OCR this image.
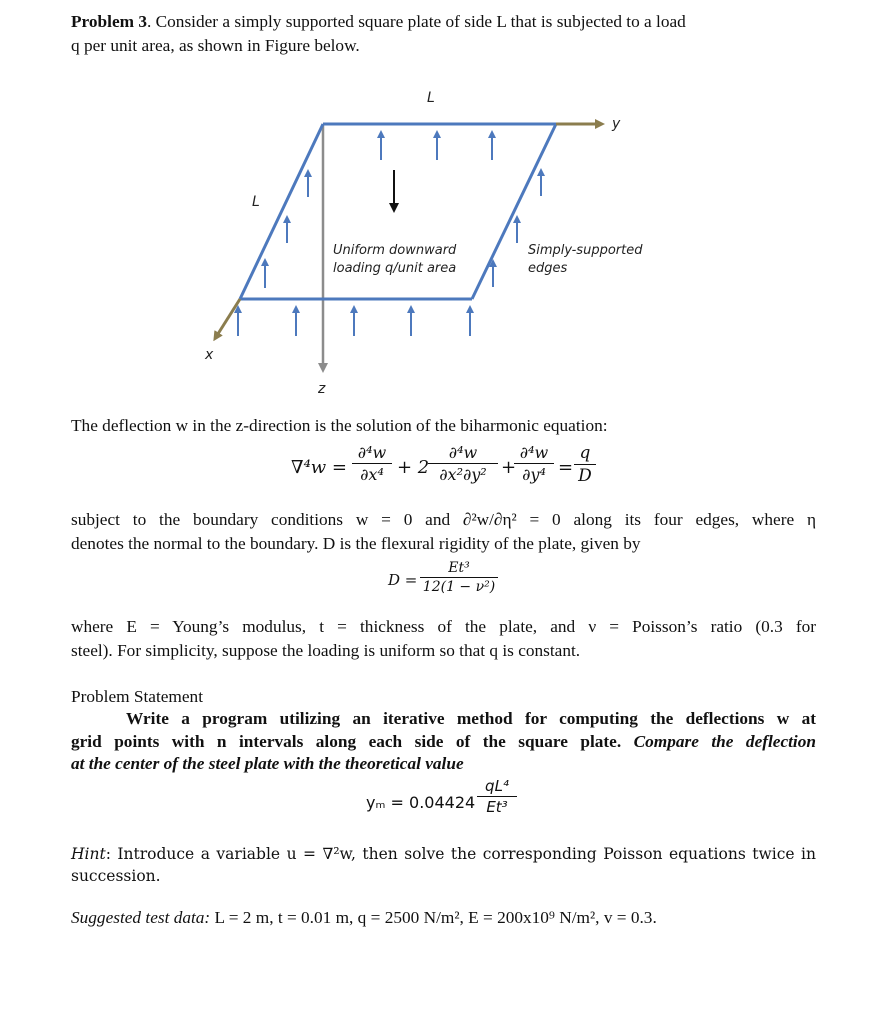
Problem 3. Consider a simply supported square plate of side L that is subjected to a load
q per unit area, as shown in Figure below.
L
L
y
x
z
Uniform downward
loading q/unit area
Simply-supported
edges
The deflection w in the z-direction is the solution of the biharmonic equation:
∇⁴w =
∂⁴w
∂x⁴ + 2
∂⁴w
∂x²∂y² +
∂⁴w
∂y⁴ =
q
D
subject to the boundary conditions w = 0 and ∂²w/∂η² = 0 along its four edges, where η
denotes the normal to the boundary. D is the flexural rigidity of the plate, given by
D =
Et³
12(1 − ν²)
where E = Young’s modulus, t = thickness of the plate, and ν = Poisson’s ratio (0.3 for
steel). For simplicity, suppose the loading is uniform so that q is constant.
Problem Statement
Write a program utilizing an iterative method for computing the deflections w at
grid points with n intervals along each side of the square plate. Compare the deflection
at the center of the steel plate with the theoretical value
yₘ = 0.04424
qL⁴
Et³
Hint: Introduce a variable u = ∇²w, then solve the corresponding Poisson equations twice in
succession.
Suggested test data: L = 2 m, t = 0.01 m, q = 2500 N/m², E = 200x10⁹ N/m², v = 0.3.
